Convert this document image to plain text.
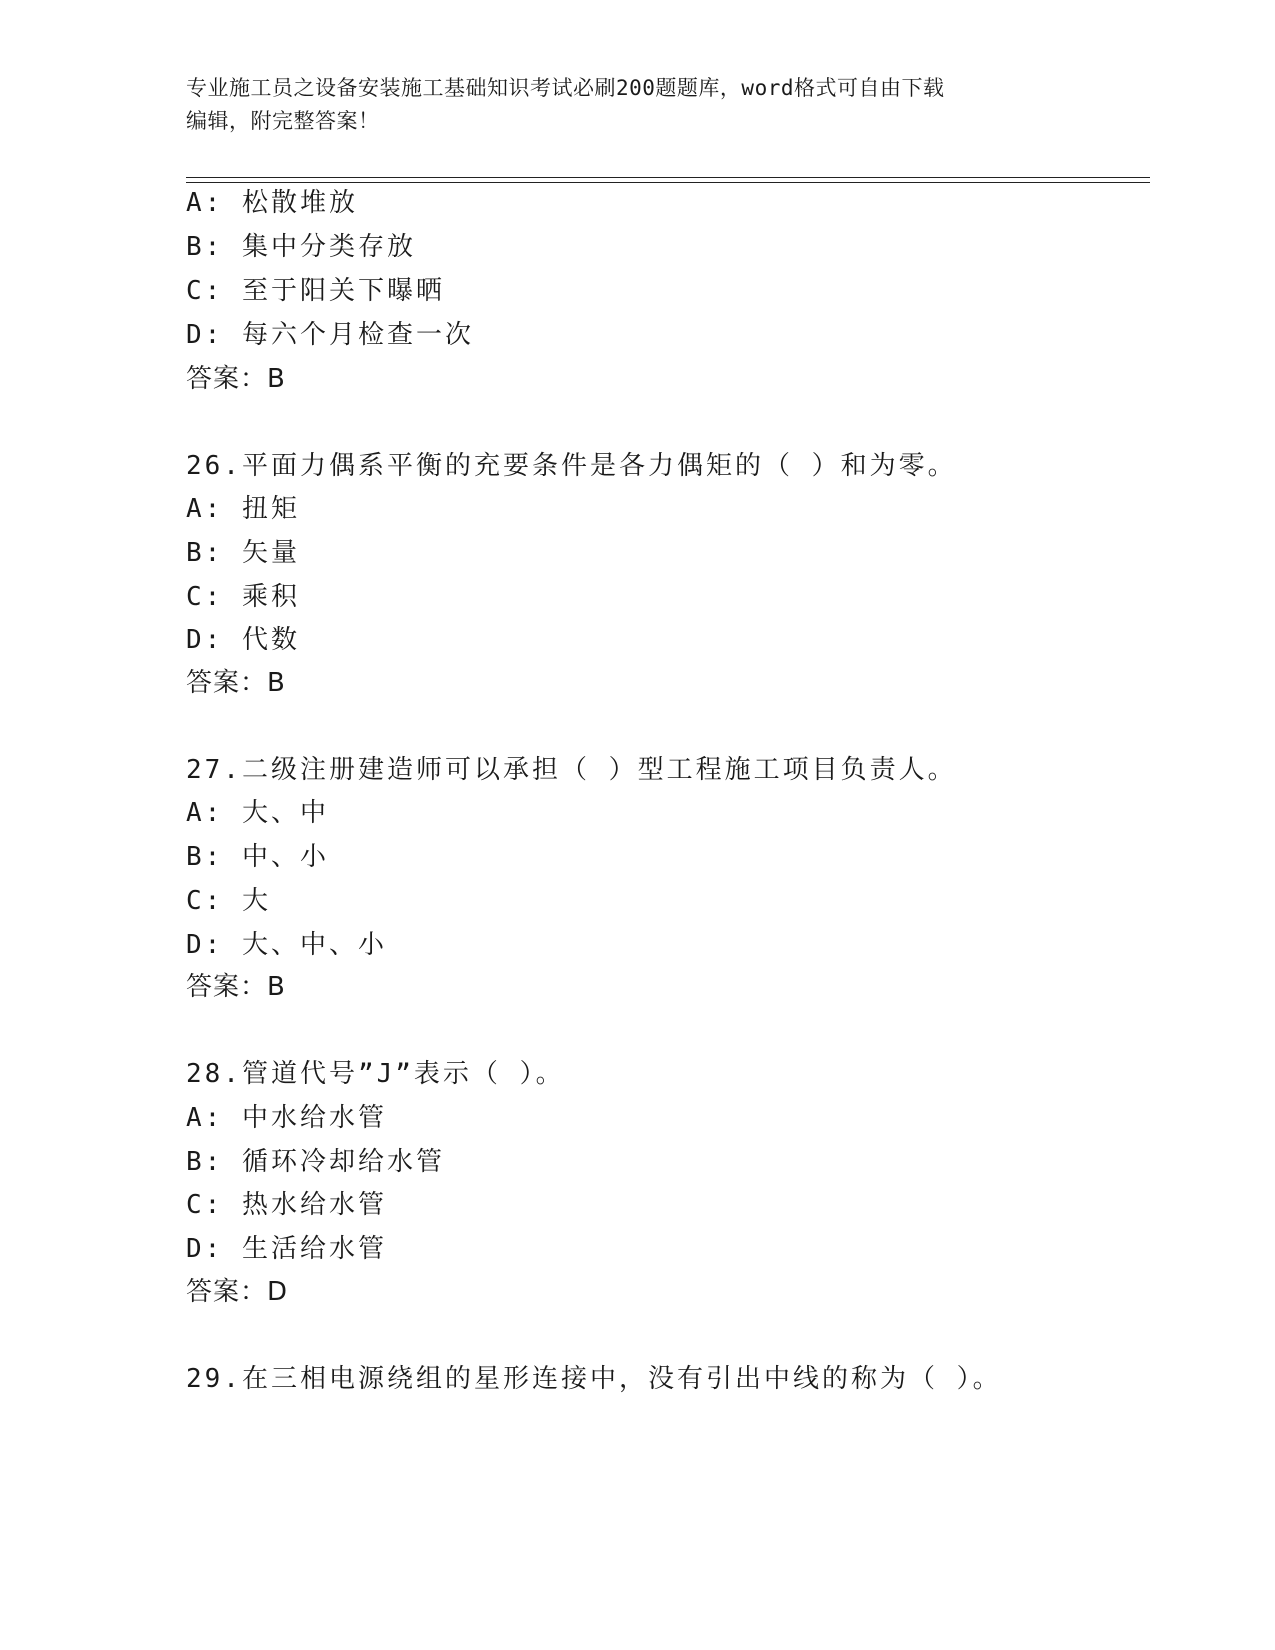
专业施工员之设备安装施工基础知识考试必刷200题题库，word格式可自由下载
编辑，附完整答案！
A: 松散堆放
B: 集中分类存放
C: 至于阳关下曝晒
D: 每六个月检查一次
答案：B
26.平面力偶系平衡的充要条件是各力偶矩的（ ）和为零。
A: 扭矩
B: 矢量
C: 乘积
D: 代数
答案：B
27.二级注册建造师可以承担（ ）型工程施工项目负责人。
A: 大、中
B: 中、小
C: 大
D: 大、中、小
答案：B
28.管道代号”J”表示（ ）。
A: 中水给水管
B: 循环冷却给水管
C: 热水给水管
D: 生活给水管
答案：D
29.在三相电源绕组的星形连接中，没有引出中线的称为（ ）。
